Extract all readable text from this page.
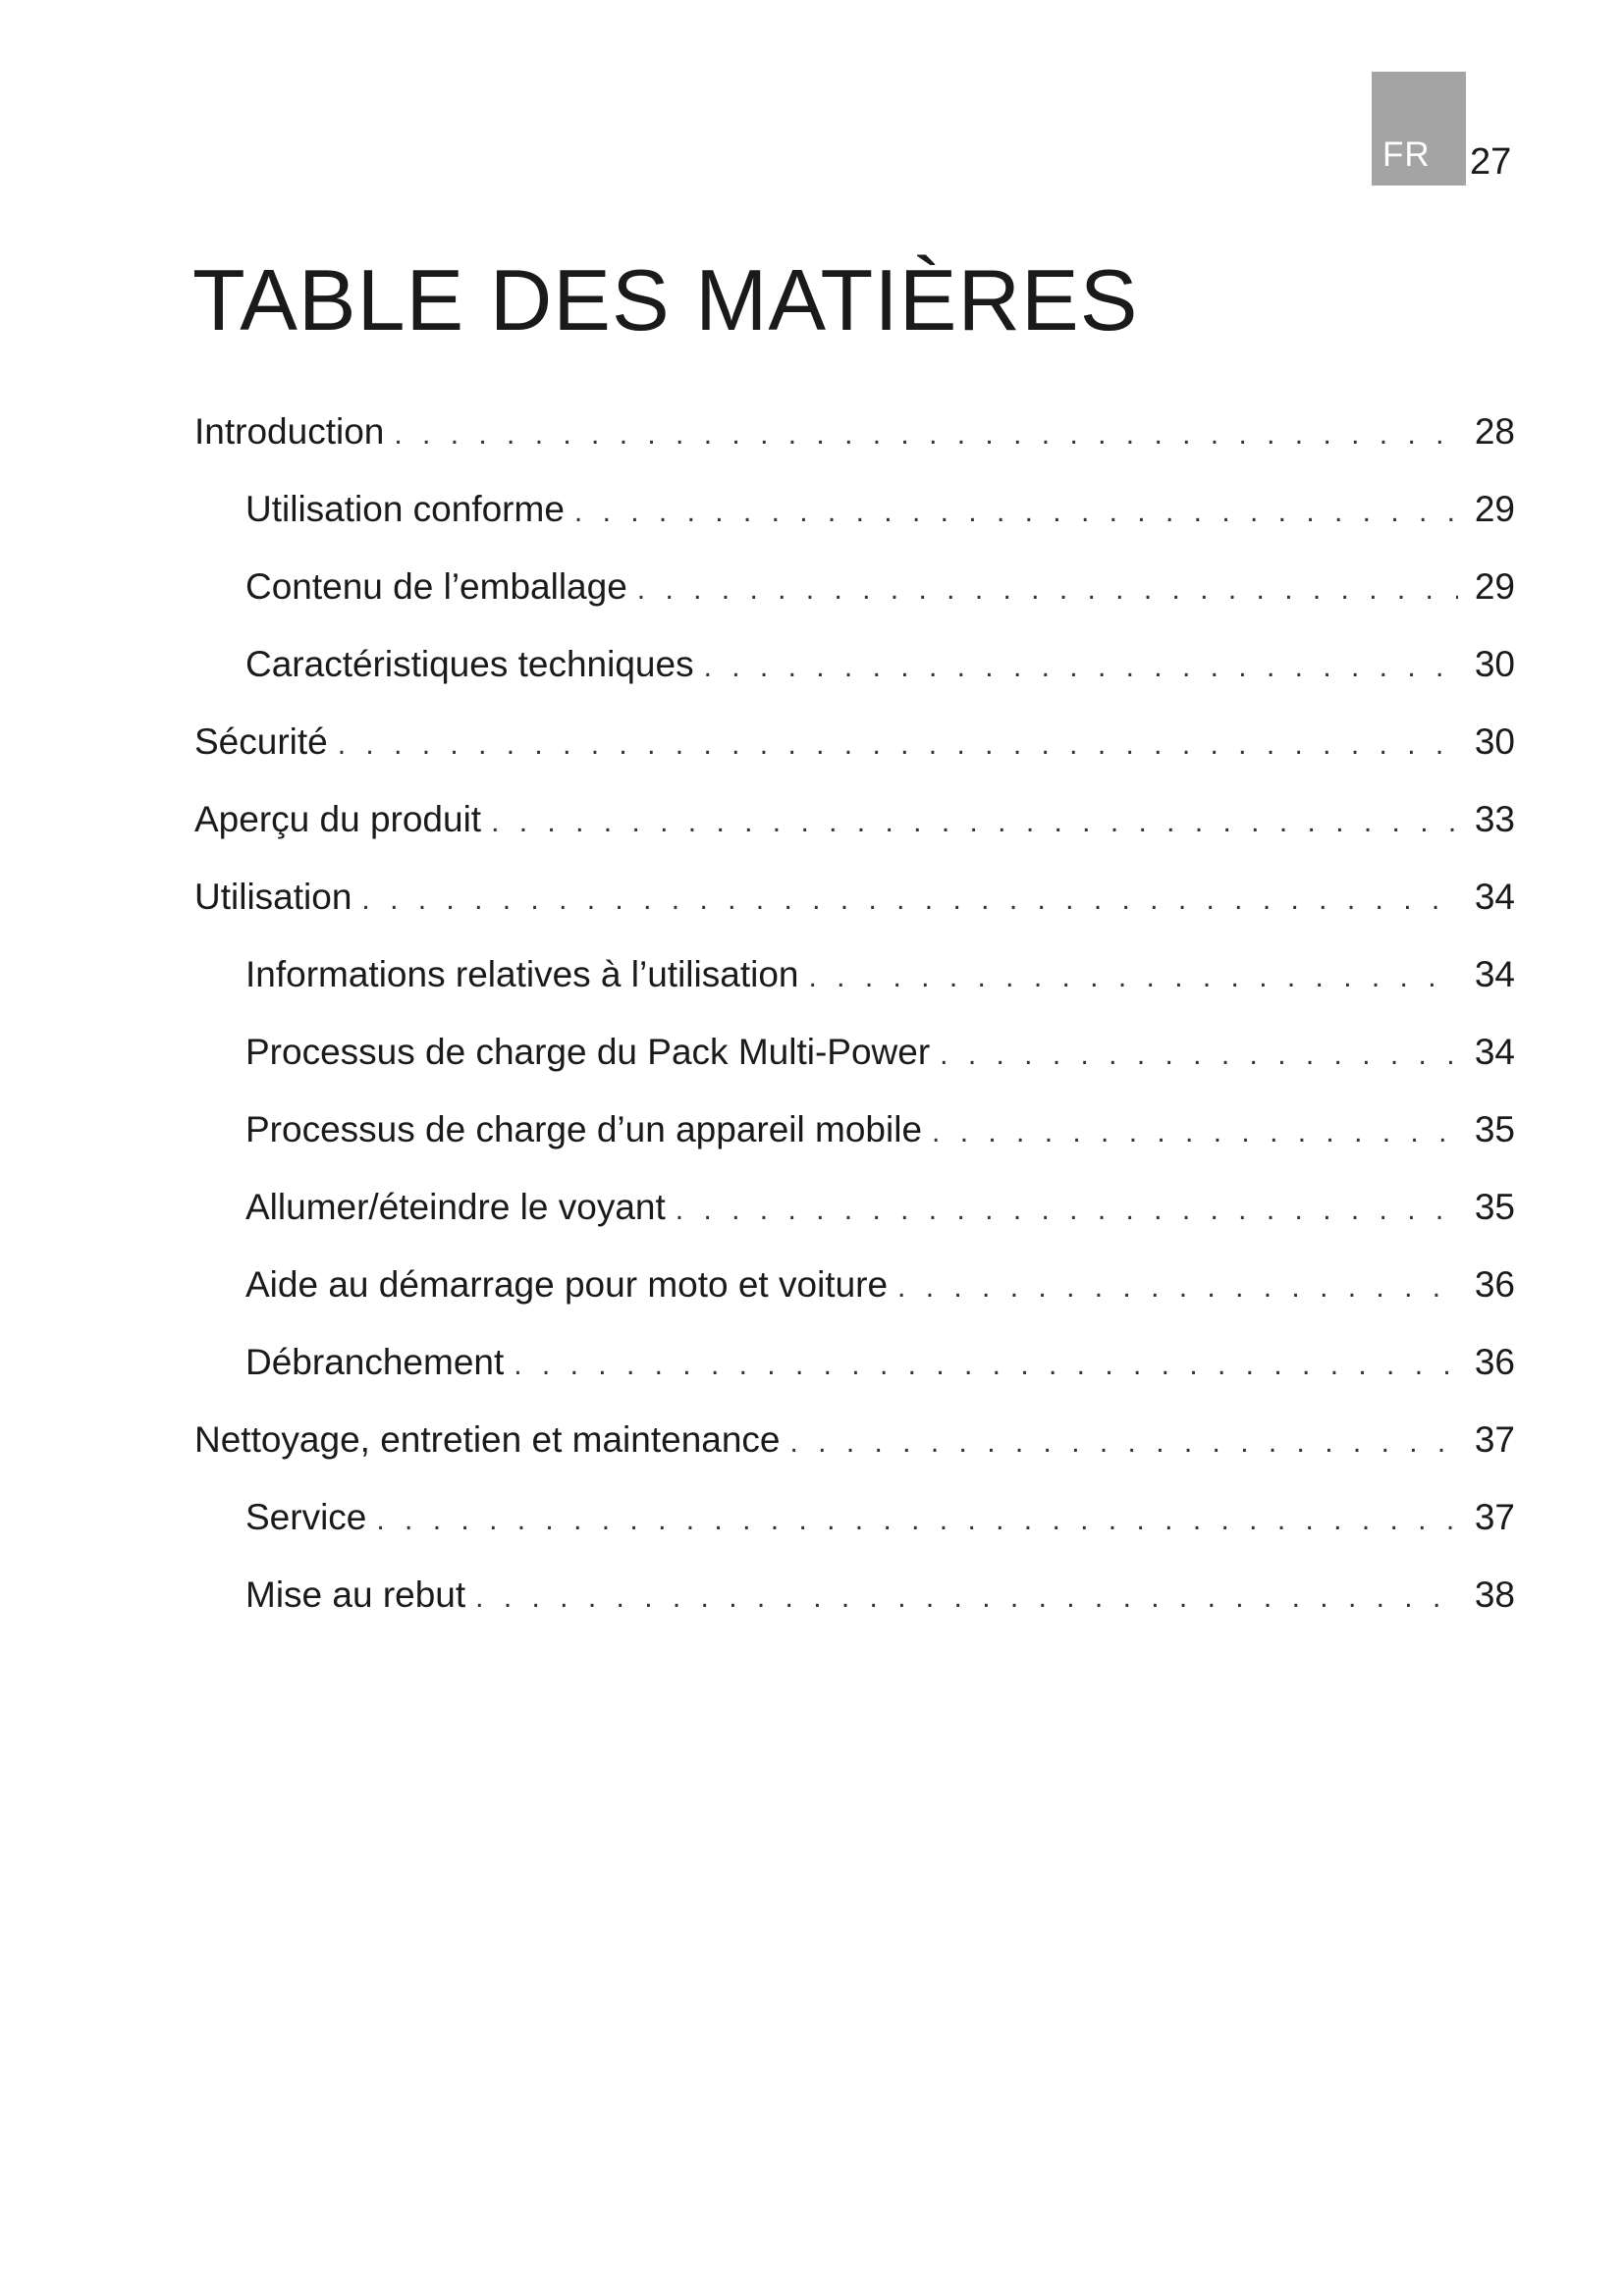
FR 27
TABLE DES MATIÈRES
Introduction . . .	28
Utilisation conforme . . .	29
Contenu de l’emballage . . .	29
Caractéristiques techniques . . .	30
Sécurité . . .	30
Aperçu du produit . . .	33
Utilisation . . .	34
Informations relatives à l’utilisation . . .	34
Processus de charge du Pack Multi-Power . . .	34
Processus de charge d’un appareil mobile . . .	35
Allumer/éteindre le voyant . . .	35
Aide au démarrage pour moto et voiture . . .	36
Débranchement . . .	36
Nettoyage, entretien et maintenance . . .	37
Service . . .	37
Mise au rebut . . .	38
